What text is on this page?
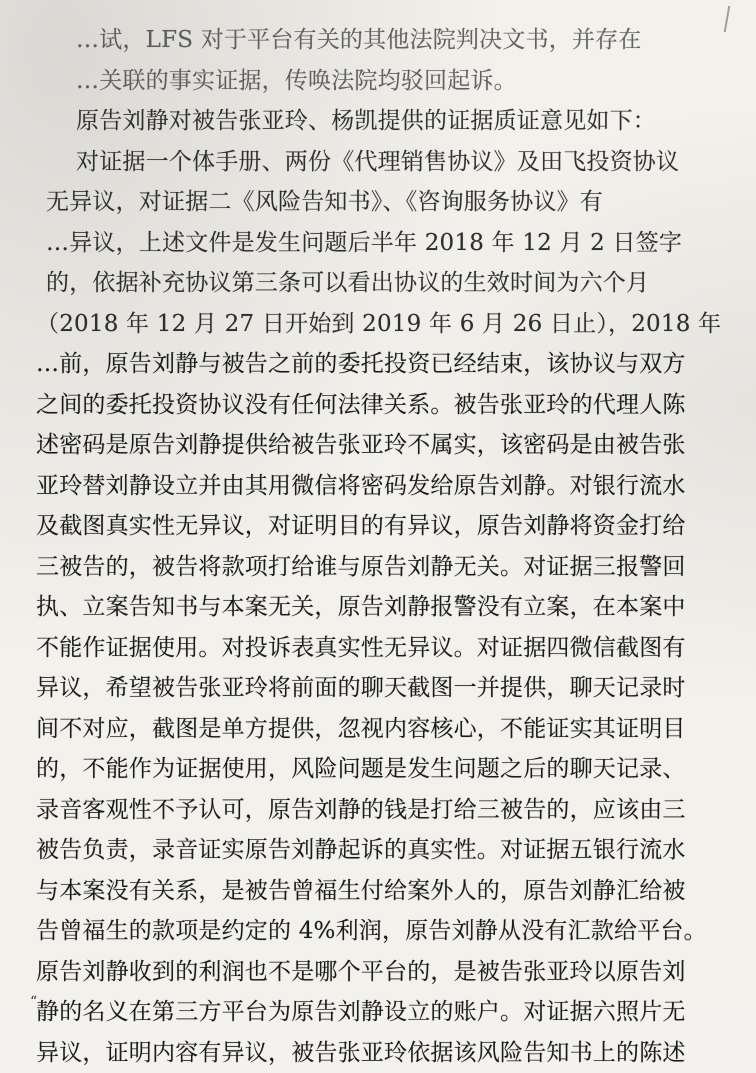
…试，LFS 对于平台有关的其他法院判决文书，并存在
…关联的事实证据，传唤法院均驳回起诉。
原告刘静对被告张亚玲、杨凯提供的证据质证意见如下：
对证据一个体手册、两份《代理销售协议》及田飞投资协议
无异议，对证据二《风险告知书》、《咨询服务协议》有
…异议，上述文件是发生问题后半年 2018 年 12 月 2 日签字
的，依据补充协议第三条可以看出协议的生效时间为六个月
（2018 年 12 月 27 日开始到 2019 年 6 月 26 日止），2018 年
…前，原告刘静与被告之前的委托投资已经结束，该协议与双方
之间的委托投资协议没有任何法律关系。被告张亚玲的代理人陈
述密码是原告刘静提供给被告张亚玲不属实，该密码是由被告张
亚玲替刘静设立并由其用微信将密码发给原告刘静。对银行流水
及截图真实性无异议，对证明目的有异议，原告刘静将资金打给
三被告的，被告将款项打给谁与原告刘静无关。对证据三报警回
执、立案告知书与本案无关，原告刘静报警没有立案，在本案中
不能作证据使用。对投诉表真实性无异议。对证据四微信截图有
异议，希望被告张亚玲将前面的聊天截图一并提供，聊天记录时
间不对应，截图是单方提供，忽视内容核心，不能证实其证明目
的，不能作为证据使用，风险问题是发生问题之后的聊天记录、
录音客观性不予认可，原告刘静的钱是打给三被告的，应该由三
被告负责，录音证实原告刘静起诉的真实性。对证据五银行流水
与本案没有关系，是被告曾福生付给案外人的，原告刘静汇给被
告曾福生的款项是约定的 4%利润，原告刘静从没有汇款给平台。
原告刘静收到的利润也不是哪个平台的，是被告张亚玲以原告刘
静的名义在第三方平台为原告刘静设立的账户。对证据六照片无
异议，证明内容有异议，被告张亚玲依据该风险告知书上的陈述
“
